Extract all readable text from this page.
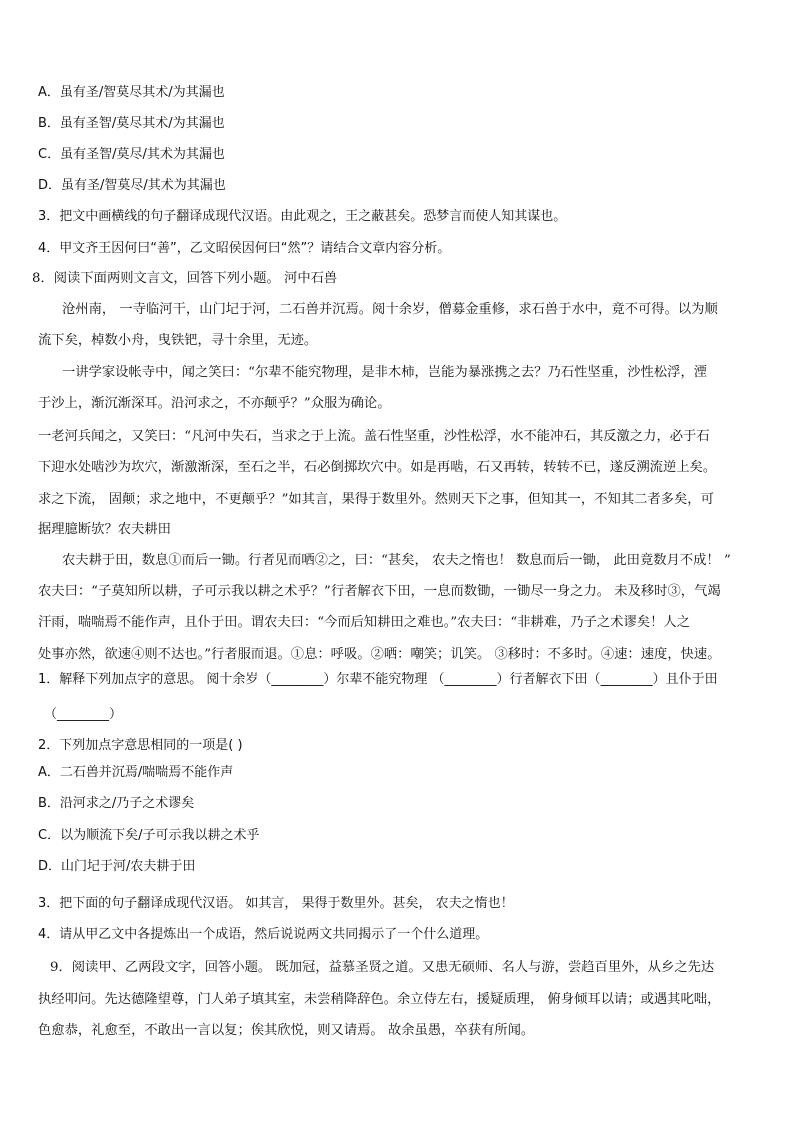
A．虽有圣/智莫尽其术/为其漏也
B．虽有圣智/莫尽其术/为其漏也
C．虽有圣智/莫尽/其术为其漏也
D．虽有圣/智莫尽/其术为其漏也
3．把文中画横线的句子翻译成现代汉语。由此观之，王之蔽甚矣。恐梦言而使人知其谋也。
4．甲文齐王因何曰“善”，乙文昭侯因何曰“然”？请结合文章内容分析。
8．阅读下面两则文言文，回答下列小题。 河中石兽
沧州南， 一寺临河干，山门圮于河，二石兽并沉焉。阅十余岁，僧募金重修，求石兽于水中，竟不可得。以为顺
流下矣，棹数小舟，曳铁钯，寻十余里，无迹。
一讲学家设帐寺中，闻之笑曰：“尔辈不能究物理，是非木柿，岂能为暴涨携之去？乃石性坚重，沙性松浮，湮
于沙上，渐沉渐深耳。沿河求之，不亦颠乎？”众服为确论。
一老河兵闻之，又笑曰：“凡河中失石，当求之于上流。盖石性坚重，沙性松浮，水不能冲石，其反激之力，必于石
下迎水处啮沙为坎穴，渐激渐深，至石之半，石必倒掷坎穴中。如是再啮，石又再转，转转不已，遂反溯流逆上矣。
求之下流， 固颠；求之地中，不更颠乎？”如其言，果得于数里外。然则天下之事，但知其一，不知其二者多矣，可
据理臆断欤？农夫耕田
农夫耕于田，数息①而后一锄。行者见而哂②之，曰：“甚矣， 农夫之惰也！ 数息而后一锄， 此田竟数月不成！ ”
农夫曰：“子莫知所以耕，子可示我以耕之术乎？”行者解衣下田，一息而数锄，一锄尽一身之力。 未及移时③，气竭
汗雨，喘喘焉不能作声，且仆于田。谓农夫曰：“今而后知耕田之难也。”农夫曰：“非耕难，乃子之术谬矣！人之
处事亦然，欲速④则不达也。”行者服而退。①息：呼吸。②哂：嘲笑；讥笑。 ③移时：不多时。④速：速度，快速。
1．解释下列加点字的意思。 阅十余岁（________）尔辈不能究物理 （________）行者解衣下田（________）且仆于田
（________）
2．下列加点字意思相同的一项是( )
A．二石兽并沉焉/喘喘焉不能作声
B．沿河求之/乃子之术谬矣
C．以为顺流下矣/子可示我以耕之术乎
D．山门圮于河/农夫耕于田
3．把下面的句子翻译成现代汉语。 如其言， 果得于数里外。甚矣， 农夫之惰也！
4．请从甲乙文中各提炼出一个成语，然后说说两文共同揭示了一个什么道理。
9．阅读甲、乙两段文字，回答小题。 既加冠，益慕圣贤之道。又患无硕师、名人与游，尝趋百里外，从乡之先达
执经叩问。先达德隆望尊，门人弟子填其室，未尝稍降辞色。余立侍左右，援疑质理， 俯身倾耳以请；或遇其叱咄，
色愈恭，礼愈至，不敢出一言以复；俟其欣悦，则又请焉。 故余虽愚，卒获有所闻。
